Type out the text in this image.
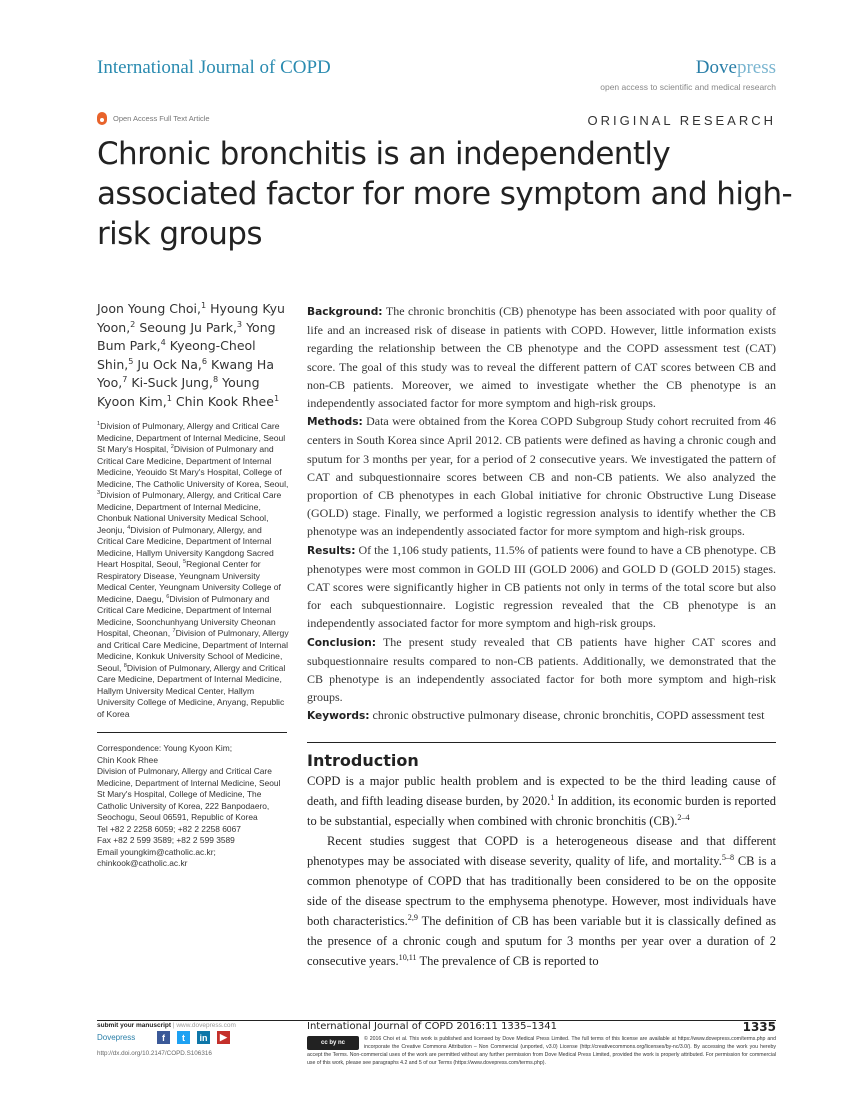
International Journal of COPD	Dovepress
open access to scientific and medical research
Open Access Full Text Article	ORIGINAL RESEARCH
Chronic bronchitis is an independently associated factor for more symptom and high-risk groups
Joon Young Choi,$^1$ Hyoung Kyu Yoon,$^2$ Seoung Ju Park,$^3$ Yong Bum Park,$^4$ Kyeong-Cheol Shin,$^5$ Ju Ock Na,$^6$ Kwang Ha Yoo,$^7$ Ki-Suck Jung,$^8$ Young Kyoon Kim,$^1$ Chin Kook Rhee$^1$
$^1$Division of Pulmonary, Allergy and Critical Care Medicine, Department of Internal Medicine, Seoul St Mary's Hospital, $^2$Division of Pulmonary and Critical Care Medicine, Department of Internal Medicine, Yeouido St Mary's Hospital, College of Medicine, The Catholic University of Korea, Seoul, $^3$Division of Pulmonary, Allergy, and Critical Care Medicine, Department of Internal Medicine, Chonbuk National University Medical School, Jeonju, $^4$Division of Pulmonary, Allergy, and Critical Care Medicine, Department of Internal Medicine, Hallym University Kangdong Sacred Heart Hospital, Seoul, $^5$Regional Center for Respiratory Disease, Yeungnam University Medical Center, Yeungnam University College of Medicine, Daegu, $^6$Division of Pulmonary and Critical Care Medicine, Department of Internal Medicine, Soonchunhyang University Cheonan Hospital, Cheonan, $^7$Division of Pulmonary, Allergy and Critical Care Medicine, Department of Internal Medicine, Konkuk University School of Medicine, Seoul, $^8$Division of Pulmonary, Allergy and Critical Care Medicine, Department of Internal Medicine, Hallym University Medical Center, Hallym University College of Medicine, Anyang, Republic of Korea
Correspondence: Young Kyoon Kim;
Chin Kook Rhee
Division of Pulmonary, Allergy and Critical Care Medicine, Department of Internal Medicine, Seoul St Mary's Hospital, College of Medicine, The Catholic University of Korea, 222 Banpodaero, Seochogu, Seoul 06591, Republic of Korea
Tel +82 2 2258 6059; +82 2 2258 6067
Fax +82 2 599 3589; +82 2 599 3589
Email youngkim@catholic.ac.kr;
chinkook@catholic.ac.kr

Background: The chronic bronchitis (CB) phenotype has been associated with poor quality of life and an increased risk of disease in patients with COPD. However, little information exists regarding the relationship between the CB phenotype and the COPD assessment test (CAT) score. The goal of this study was to reveal the different pattern of CAT scores between CB and non-CB patients. Moreover, we aimed to investigate whether the CB phenotype is an independently associated factor for more symptom and high-risk groups.

Methods: Data were obtained from the Korea COPD Subgroup Study cohort recruited from 46 centers in South Korea since April 2012. CB patients were defined as having a chronic cough and sputum for 3 months per year, for a period of 2 consecutive years. We investigated the pattern of CAT and subquestionnaire scores between CB and non-CB patients. We also analyzed the proportion of CB phenotypes in each Global initiative for chronic Obstructive Lung Disease (GOLD) stage. Finally, we performed a logistic regression analysis to identify whether the CB phenotype was an independently associated factor for more symptom and high-risk groups.

Results: Of the 1,106 study patients, 11.5% of patients were found to have a CB phenotype. CB phenotypes were most common in GOLD III (GOLD 2006) and GOLD D (GOLD 2015) stages. CAT scores were significantly higher in CB patients not only in terms of the total score but also for each subquestionnaire. Logistic regression revealed that the CB phenotype is an independently associated factor for more symptom and high-risk groups.

Conclusion: The present study revealed that CB patients have higher CAT scores and subquestionnaire results compared to non-CB patients. Additionally, we demonstrated that the CB phenotype is an independently associated factor for both more symptom and high-risk groups.

Keywords: chronic obstructive pulmonary disease, chronic bronchitis, COPD assessment test

Introduction

COPD is a major public health problem and is expected to be the third leading cause of death, and fifth leading disease burden, by 2020.$^1$ In addition, its economic burden is reported to be substantial, especially when combined with chronic bronchitis (CB).$^{2-4}$

Recent studies suggest that COPD is a heterogeneous disease and that different phenotypes may be associated with disease severity, quality of life, and mortality.$^{5-8}$ CB is a common phenotype of COPD that has traditionally been considered to be on the opposite side of the disease spectrum to the emphysema phenotype. However, most individuals have both characteristics.$^{2,9}$ The definition of CB has been variable but it is classically defined as the presence of a chronic cough and sputum for 3 months per year over a duration of 2 consecutive years.$^{10,11}$ The prevalence of CB is reported to

submit your manuscript | www.dovepress.com
Dovepress	f	t	in	▶
http://dx.doi.org/10.2147/COPD.S106316
International Journal of COPD 2016:11 1335–1341	1335
cc by nc
© 2016 Choi et al. This work is published and licensed by Dove Medical Press Limited. The full terms of this license are available at https://www.dovepress.com/terms.php and incorporate the Creative Commons Attribution – Non Commercial (unported, v3.0) License (http://creativecommons.org/licenses/by-nc/3.0/). By accessing the work you hereby accept the Terms. Non-commercial uses of the work are permitted without any further permission from Dove Medical Press Limited, provided the work is properly attributed. For permission for commercial use of this work, please see paragraphs 4.2 and 5 of our Terms (https://www.dovepress.com/terms.php).
